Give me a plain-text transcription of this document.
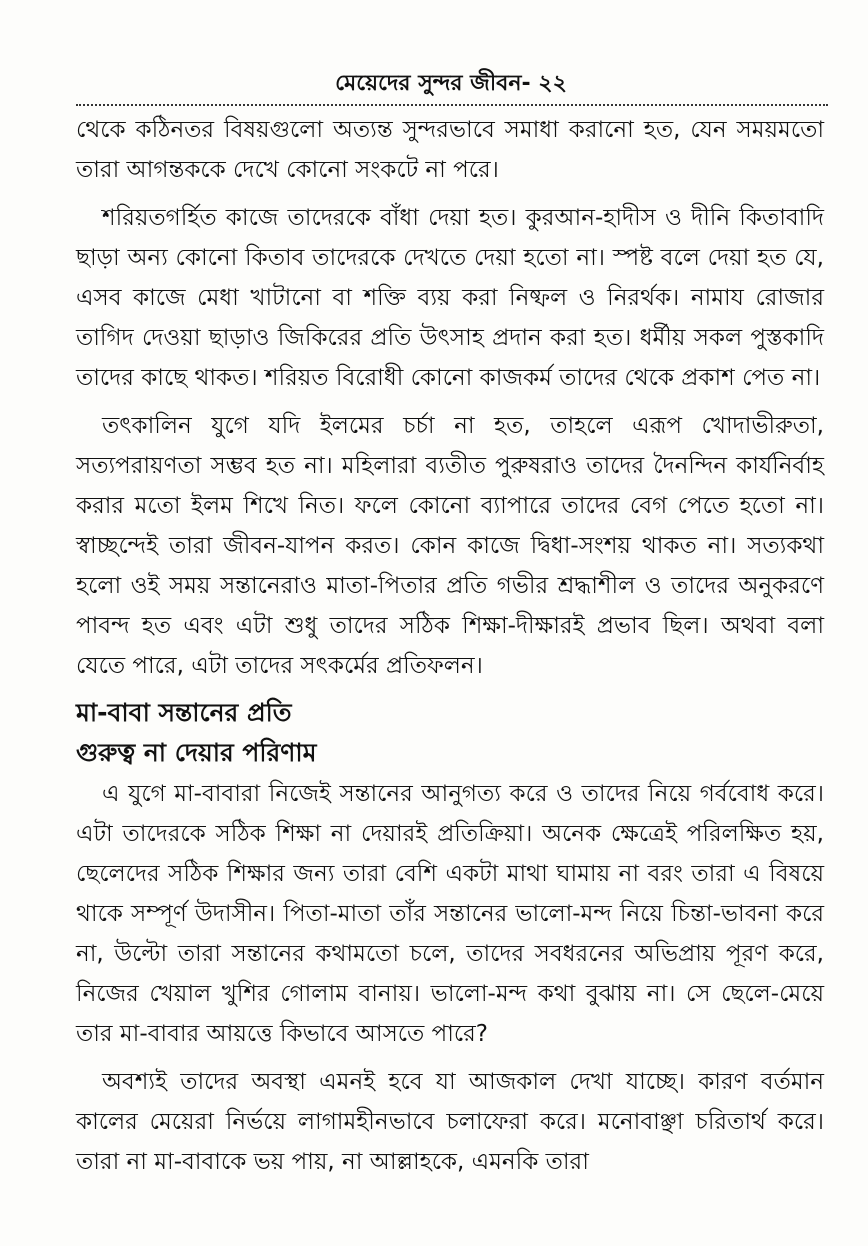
মেয়েদের সুন্দর জীবন- ২২

থেকে কঠিনতর বিষয়গুলো অত্যন্ত সুন্দরভাবে সমাধা করানো হত, যেন সময়মতো তারা আগন্তককে দেখে কোনো সংকটে না পরে।

শরিয়তগর্হিত কাজে তাদেরকে বাঁধা দেয়া হত। কুরআন-হাদীস ও দীনি কিতাবাদি ছাড়া অন্য কোনো কিতাব তাদেরকে দেখতে দেয়া হতো না। স্পষ্ট বলে দেয়া হত যে, এসব কাজে মেধা খাটানো বা শক্তি ব্যয় করা নিষ্ফল ও নিরর্থক। নামায রোজার তাগিদ দেওয়া ছাড়াও জিকিরের প্রতি উৎসাহ প্রদান করা হত। ধর্মীয় সকল পুস্তকাদি তাদের কাছে থাকত। শরিয়ত বিরোধী কোনো কাজকর্ম তাদের থেকে প্রকাশ পেত না।

তৎকালিন যুগে যদি ইলমের চর্চা না হত, তাহলে এরূপ খোদাভীরুতা, সত্যপরায়ণতা সম্ভব হত না। মহিলারা ব্যতীত পুরুষরাও তাদের দৈনন্দিন কার্যনির্বাহ করার মতো ইলম শিখে নিত। ফলে কোনো ব্যাপারে তাদের বেগ পেতে হতো না। স্বাচ্ছন্দেই তারা জীবন-যাপন করত। কোন কাজে দ্বিধা-সংশয় থাকত না। সত্যকথা হলো ওই সময় সন্তানেরাও মাতা-পিতার প্রতি গভীর শ্রদ্ধাশীল ও তাদের অনুকরণে পাবন্দ হত এবং এটা শুধু তাদের সঠিক শিক্ষা-দীক্ষারই প্রভাব ছিল। অথবা বলা যেতে পারে, এটা তাদের সৎকর্মের প্রতিফলন।

মা-বাবা সন্তানের প্রতি
গুরুত্ব না দেয়ার পরিণাম

এ যুগে মা-বাবারা নিজেই সন্তানের আনুগত্য করে ও তাদের নিয়ে গর্ববোধ করে। এটা তাদেরকে সঠিক শিক্ষা না দেয়ারই প্রতিক্রিয়া। অনেক ক্ষেত্রেই পরিলক্ষিত হয়, ছেলেদের সঠিক শিক্ষার জন্য তারা বেশি একটা মাথা ঘামায় না বরং তারা এ বিষয়ে থাকে সম্পূর্ণ উদাসীন। পিতা-মাতা তাঁর সন্তানের ভালো-মন্দ নিয়ে চিন্তা-ভাবনা করে না, উল্টো তারা সন্তানের কথামতো চলে, তাদের সবধরনের অভিপ্রায় পূরণ করে, নিজের খেয়াল খুশির গোলাম বানায়। ভালো-মন্দ কথা বুঝায় না। সে ছেলে-মেয়ে তার মা-বাবার আয়ত্তে কিভাবে আসতে পারে?

অবশ্যই তাদের অবস্থা এমনই হবে যা আজকাল দেখা যাচ্ছে। কারণ বর্তমান কালের মেয়েরা নির্ভয়ে লাগামহীনভাবে চলাফেরা করে। মনোবাঞ্ছা চরিতার্থ করে। তারা না মা-বাবাকে ভয় পায়, না আল্লাহকে, এমনকি তারা
